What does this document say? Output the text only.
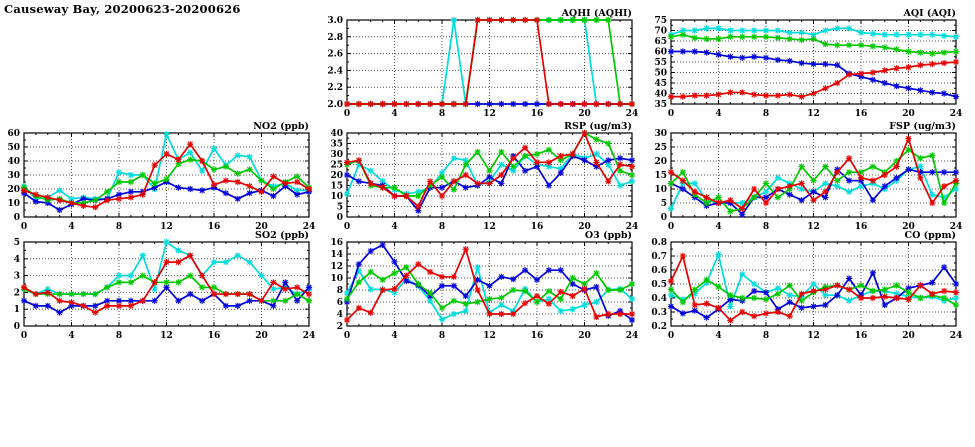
Causeway Bay, 20200623-20200626
0	4	8	12	16	20	24
2.0
2.2
2.4
2.6
2.8
3.0
AQHI (AQHI)
0	4	8	12	16	20	24
35
40
45
50
55
60
65
70
75
AQI (AQI)
0	4	8	12	16	20	24
0
10
20
30
40
50
60
NO2 (ppb)
0	4	8	12	16	20	24
0
5
10
15
20
25
30
35
40
RSP (ug/m3)
0	4	8	12	16	20	24
0
5
10
15
20
25
30
FSP (ug/m3)
0	4	8	12	16	20	24
0
1
2
3
4
5
SO2 (ppb)
0	4	8	12	16	20	24
2
4
6
8
10
12
14
16
O3 (ppb)
0	4	8	12	16	20	24
0.2
0.3
0.4
0.5
0.6
0.7
0.8
CO (ppm)
